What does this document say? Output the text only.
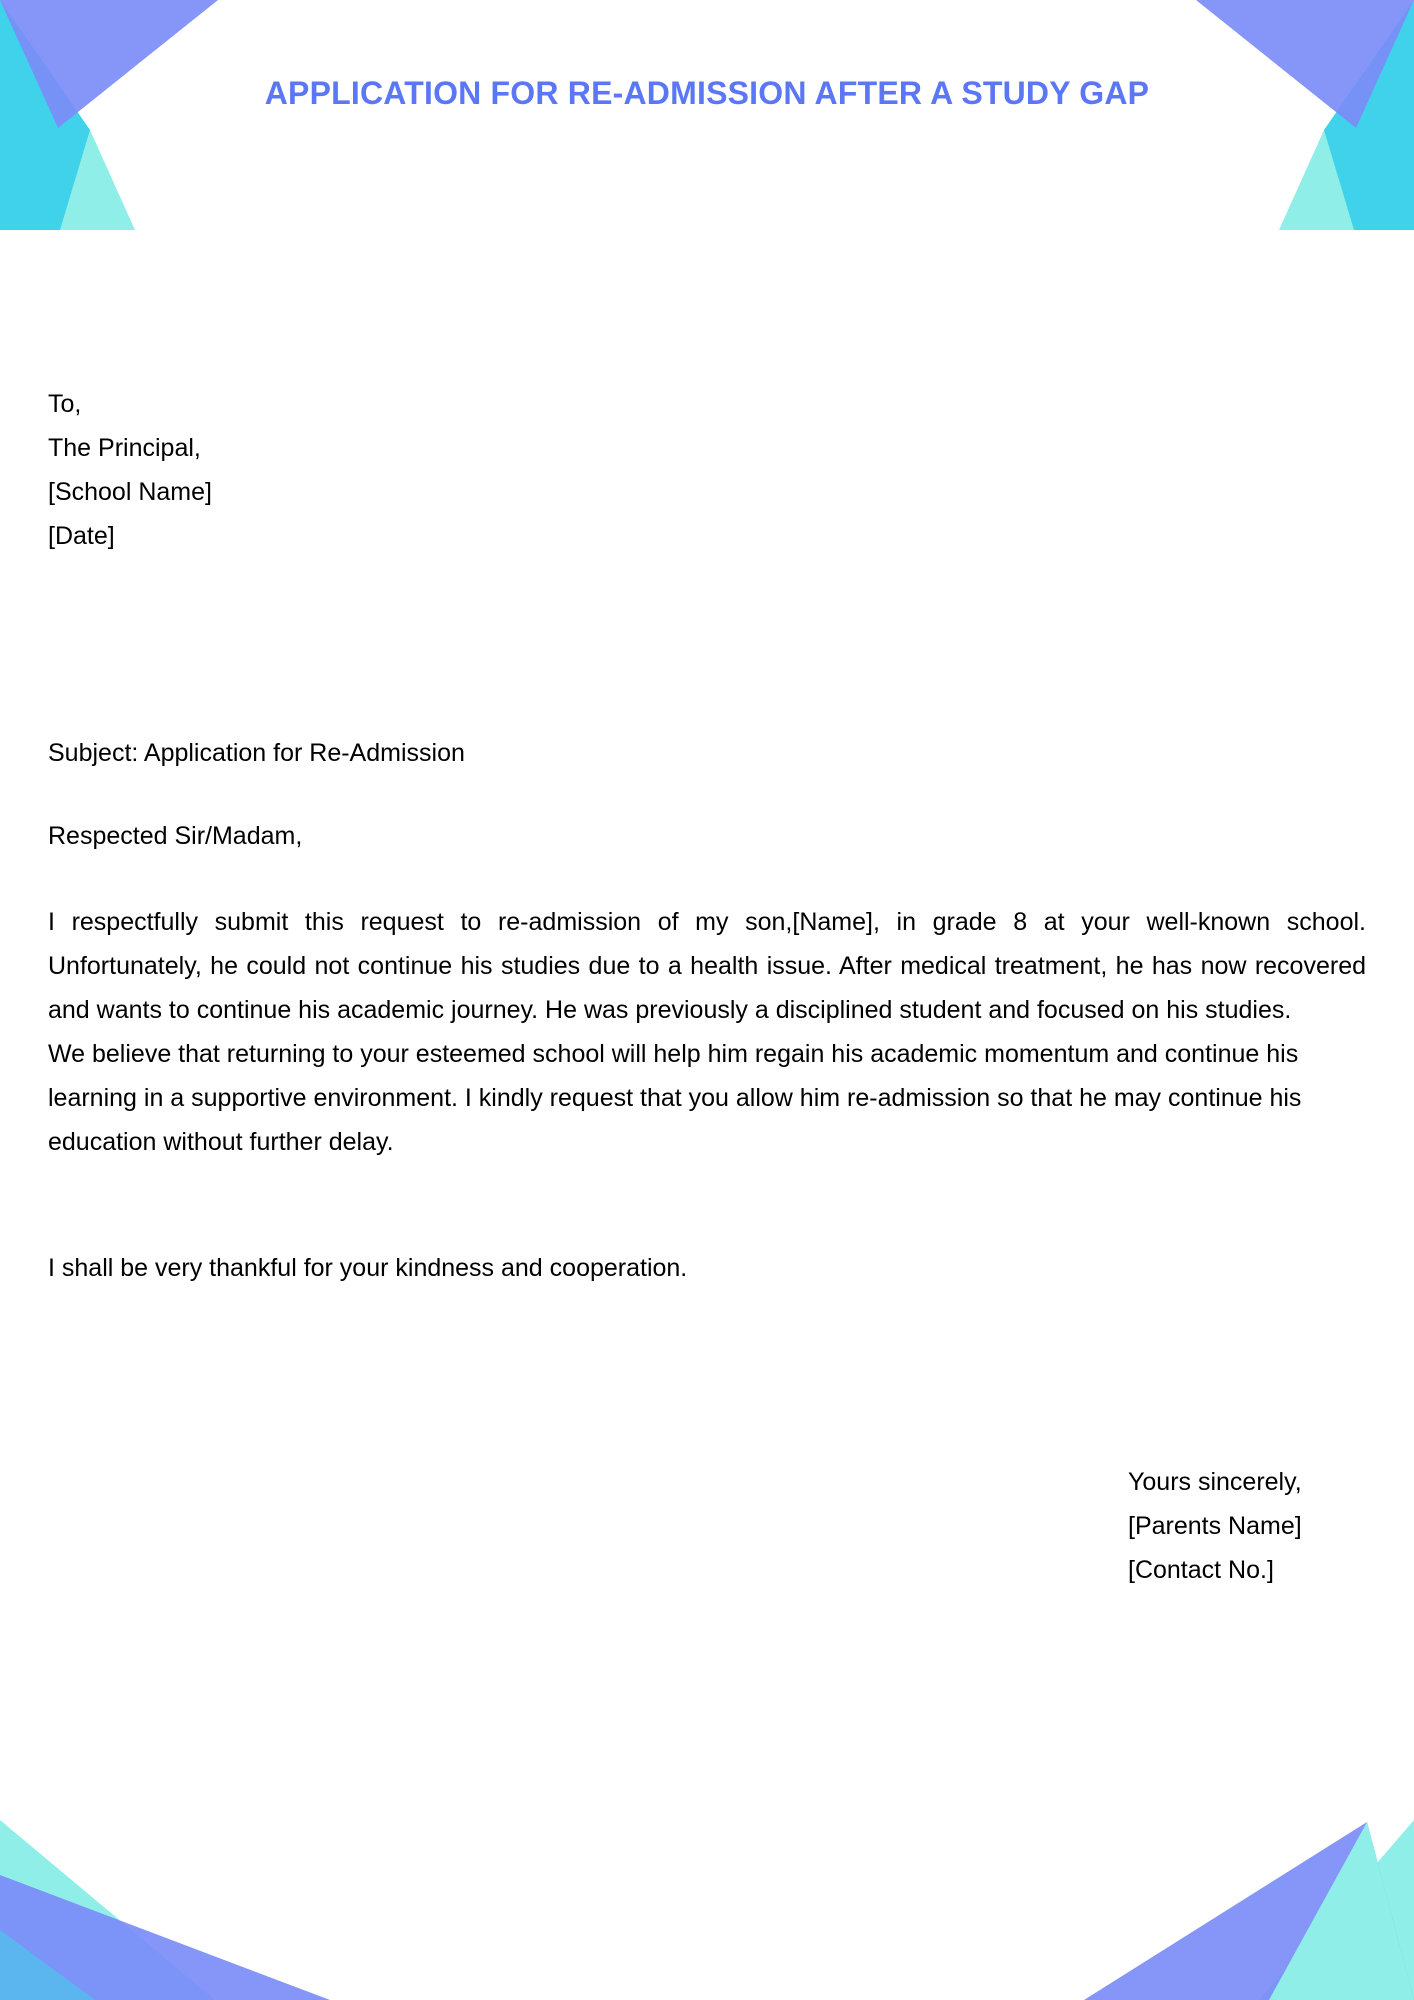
APPLICATION FOR RE-ADMISSION AFTER A STUDY GAP
To,
The Principal,
[School Name]
[Date]
Subject: Application for Re-Admission
Respected Sir/Madam,

I respectfully submit this request to re-admission of my son,[Name], in grade 8 at your well-known school. Unfortunately, he could not continue his studies due to a health issue. After medical treatment, he has now recovered and wants to continue his academic journey. He was previously a disciplined student and focused on his studies.

We believe that returning to your esteemed school will help him regain his academic momentum and continue his learning in a supportive environment. I kindly request that you allow him re-admission so that he may continue his education without further delay.

I shall be very thankful for your kindness and cooperation.
Yours sincerely,
[Parents Name]
[Contact No.]
